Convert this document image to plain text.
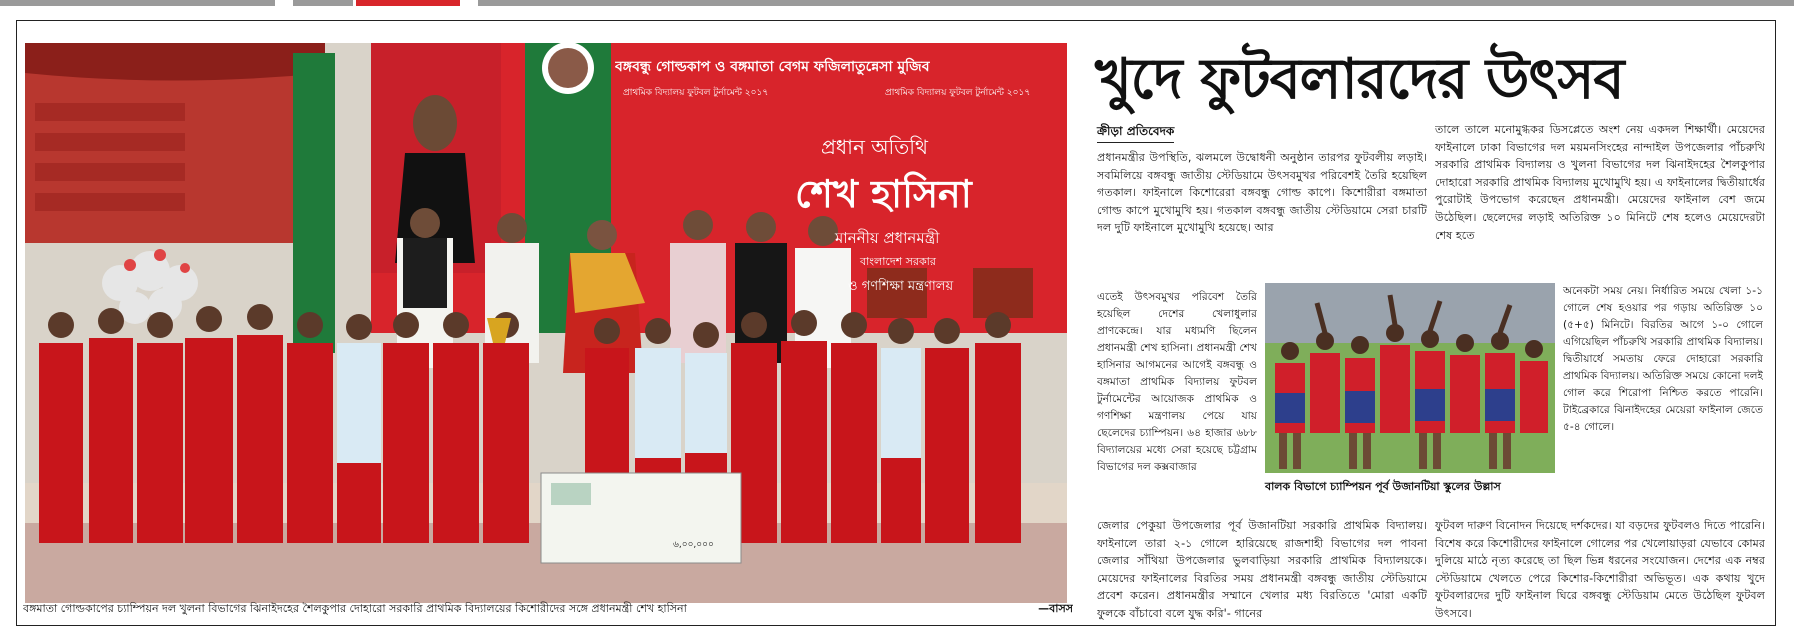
বঙ্গবন্ধু গোল্ডকাপ ও বঙ্গমাতা বেগম ফজিলাতুন্নেসা মুজিব
প্রাথমিক বিদ্যালয় ফুটবল টুর্নামেন্ট ২০১৭	প্রাথমিক বিদ্যালয় ফুটবল টুর্নামেন্ট ২০১৭
প্রধান অতিথি
শেখ হাসিনা
মাননীয় প্রধানমন্ত্রী
বাংলাদেশ সরকার
ও গণশিক্ষা মন্ত্রণালয়
৬,০০,০০০
বঙ্গমাতা গোল্ডকাপের চ্যাম্পিয়ন দল খুলনা বিভাগের ঝিনাইদহের শৈলকুপার দোহারো সরকারি প্রাথমিক বিদ্যালয়ের কিশোরীদের সঙ্গে প্রধানমন্ত্রী শেখ হাসিনা	—বাসস
খুদে ফুটবলারদের উৎসব
ক্রীড়া প্রতিবেদক

প্রধানমন্ত্রীর উপস্থিতি, ঝলমলে উদ্বোধনী অনুষ্ঠান তারপর ফুটবলীয় লড়াই। সবমিলিয়ে বঙ্গবন্ধু জাতীয় স্টেডিয়ামে উৎসবমুখর পরিবেশই তৈরি হয়েছিল গতকাল। ফাইনালে কিশোরেরা বঙ্গবন্ধু গোল্ড কাপে। কিশোরীরা বঙ্গমাতা গোল্ড কাপে মুখোমুখি হয়। গতকাল বঙ্গবন্ধু জাতীয় স্টেডিয়ামে সেরা চারটি দল দুটি ফাইনালে মুখোমুখি হয়েছে। আর

এতেই উৎসবমুখর পরিবেশ তৈরি হয়েছিল দেশের খেলাধুলার প্রাণকেন্দ্রে। যার মধ্যমণি ছিলেন প্রধানমন্ত্রী শেখ হাসিনা। প্রধানমন্ত্রী শেখ হাসিনার আগমনের আগেই বঙ্গবন্ধু ও বঙ্গমাতা প্রাথমিক বিদ্যালয় ফুটবল টুর্নামেন্টের আয়োজক প্রাথমিক ও গণশিক্ষা মন্ত্রণালয় পেয়ে যায় ছেলেদের চ্যাম্পিয়ন। ৬৪ হাজার ৬৮৮ বিদ্যালয়ের মধ্যে সেরা হয়েছে চট্টগ্রাম বিভাগের দল কক্সবাজার

জেলার পেকুয়া উপজেলার পূর্ব উজানটিয়া সরকারি প্রাথমিক বিদ্যালয়। ফাইনালে তারা ২-১ গোলে হারিয়েছে রাজশাহী বিভাগের দল পাবনা জেলার সাঁথিয়া উপজেলার ভুলবাড়িয়া সরকারি প্রাথমিক বিদ্যালয়কে। মেয়েদের ফাইনালের বিরতির সময় প্রধানমন্ত্রী বঙ্গবন্ধু জাতীয় স্টেডিয়ামে প্রবেশ করেন। প্রধানমন্ত্রীর সম্মানে খেলার মধ্য বিরতিতে 'মোরা একটি ফুলকে বাঁচাবো বলে যুদ্ধ করি'- গানের

তালে তালে মনোমুগ্ধকর ডিসপ্লেতে অংশ নেয় একদল শিক্ষার্থী। মেয়েদের ফাইনালে ঢাকা বিভাগের দল ময়মনসিংহের নান্দাইল উপজেলার পাঁচরুখি সরকারি প্রাথমিক বিদ্যালয় ও খুলনা বিভাগের দল ঝিনাইদহের শৈলকুপার দোহারো সরকারি প্রাথমিক বিদ্যালয় মুখোমুখি হয়। এ ফাইনালের দ্বিতীয়ার্ধের পুরোটাই উপভোগ করেছেন প্রধানমন্ত্রী। মেয়েদের ফাইনাল বেশ জমে উঠেছিল। ছেলেদের লড়াই অতিরিক্ত ১০ মিনিটে শেষ হলেও মেয়েদেরটা শেষ হতে

অনেকটা সময় নেয়। নির্ধারিত সময়ে খেলা ১-১ গোলে শেষ হওয়ার পর গড়ায় অতিরিক্ত ১০ (৫+৫) মিনিটে। বিরতির আগে ১-০ গোলে এগিয়েছিল পাঁচরুখি সরকারি প্রাথমিক বিদ্যালয়। দ্বিতীয়ার্ধে সমতায় ফেরে দোহারো সরকারি প্রাথমিক বিদ্যালয়। অতিরিক্ত সময়ে কোনো দলই গোল করে শিরোপা নিশ্চিত করতে পারেনি। টাইব্রেকারে ঝিনাইদহের মেয়েরা ফাইনাল জেতে ৫-৪ গোলে।

ফুটবল দারুণ বিনোদন দিয়েছে দর্শকদের। যা বড়দের ফুটবলও দিতে পারেনি। বিশেষ করে কিশোরীদের ফাইনালে গোলের পর খেলোয়াড়রা যেভাবে কোমর দুলিয়ে মাঠে নৃত্য করেছে তা ছিল ভিন্ন ধরনের সংযোজন। দেশের এক নম্বর স্টেডিয়ামে খেলতে পেরে কিশোর-কিশোরীরা অভিভূত। এক কথায় খুদে ফুটবলারদের দুটি ফাইনাল ঘিরে বঙ্গবন্ধু স্টেডিয়াম মেতে উঠেছিল ফুটবল উৎসবে।

বালক বিভাগে চ্যাম্পিয়ন পূর্ব উজানটিয়া স্কুলের উল্লাস
